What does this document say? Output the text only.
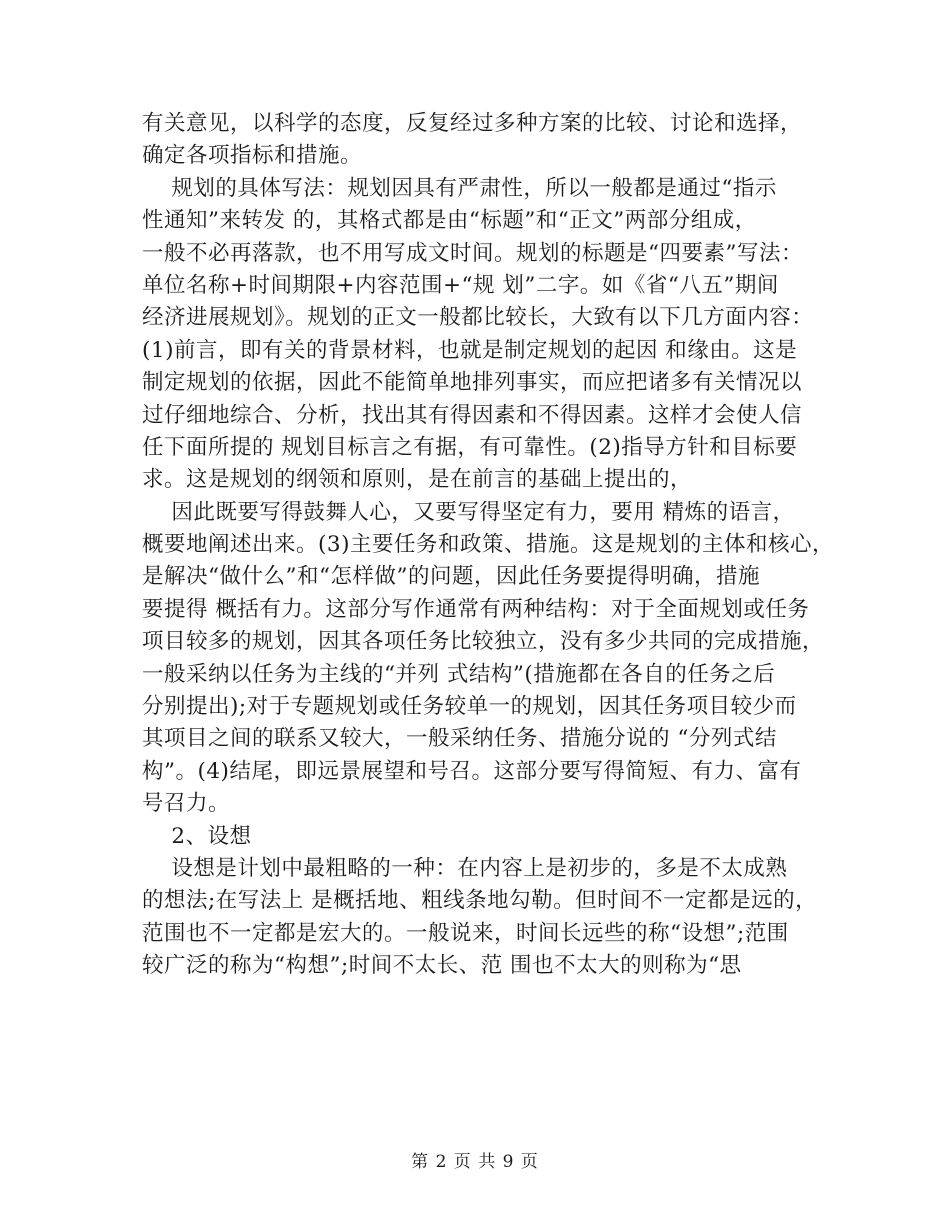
有关意见，以科学的态度，反复经过多种方案的比较、讨论和选择，
确定各项指标和措施。
规划的具体写法：规划因具有严肃性，所以一般都是通过“指示
性通知”来转发 的，其格式都是由“标题”和“正文”两部分组成，
一般不必再落款，也不用写成文时间。规划的标题是“四要素”写法：
单位名称+时间期限+内容范围+“规 划”二字。如《省“八五”期间
经济进展规划》。规划的正文一般都比较长，大致有以下几方面内容：
(1)前言，即有关的背景材料，也就是制定规划的起因 和缘由。这是
制定规划的依据，因此不能简单地排列事实，而应把诸多有关情况以
过仔细地综合、分析，找出其有得因素和不得因素。这样才会使人信
任下面所提的 规划目标言之有据，有可靠性。(2)指导方针和目标要
求。这是规划的纲领和原则，是在前言的基础上提出的，
因此既要写得鼓舞人心，又要写得坚定有力，要用 精炼的语言，
概要地阐述出来。(3)主要任务和政策、措施。这是规划的主体和核心，
是解决“做什么”和“怎样做”的问题，因此任务要提得明确，措施
要提得 概括有力。这部分写作通常有两种结构：对于全面规划或任务
项目较多的规划，因其各项任务比较独立，没有多少共同的完成措施，
一般采纳以任务为主线的“并列 式结构”(措施都在各自的任务之后
分别提出);对于专题规划或任务较单一的规划，因其任务项目较少而
其项目之间的联系又较大，一般采纳任务、措施分说的 “分列式结
构”。(4)结尾，即远景展望和号召。这部分要写得简短、有力、富有
号召力。
2、设想
设想是计划中最粗略的一种：在内容上是初步的，多是不太成熟
的想法;在写法上 是概括地、粗线条地勾勒。但时间不一定都是远的，
范围也不一定都是宏大的。一般说来，时间长远些的称“设想”;范围
较广泛的称为“构想”;时间不太长、范 围也不太大的则称为“思
第 2 页 共 9 页
